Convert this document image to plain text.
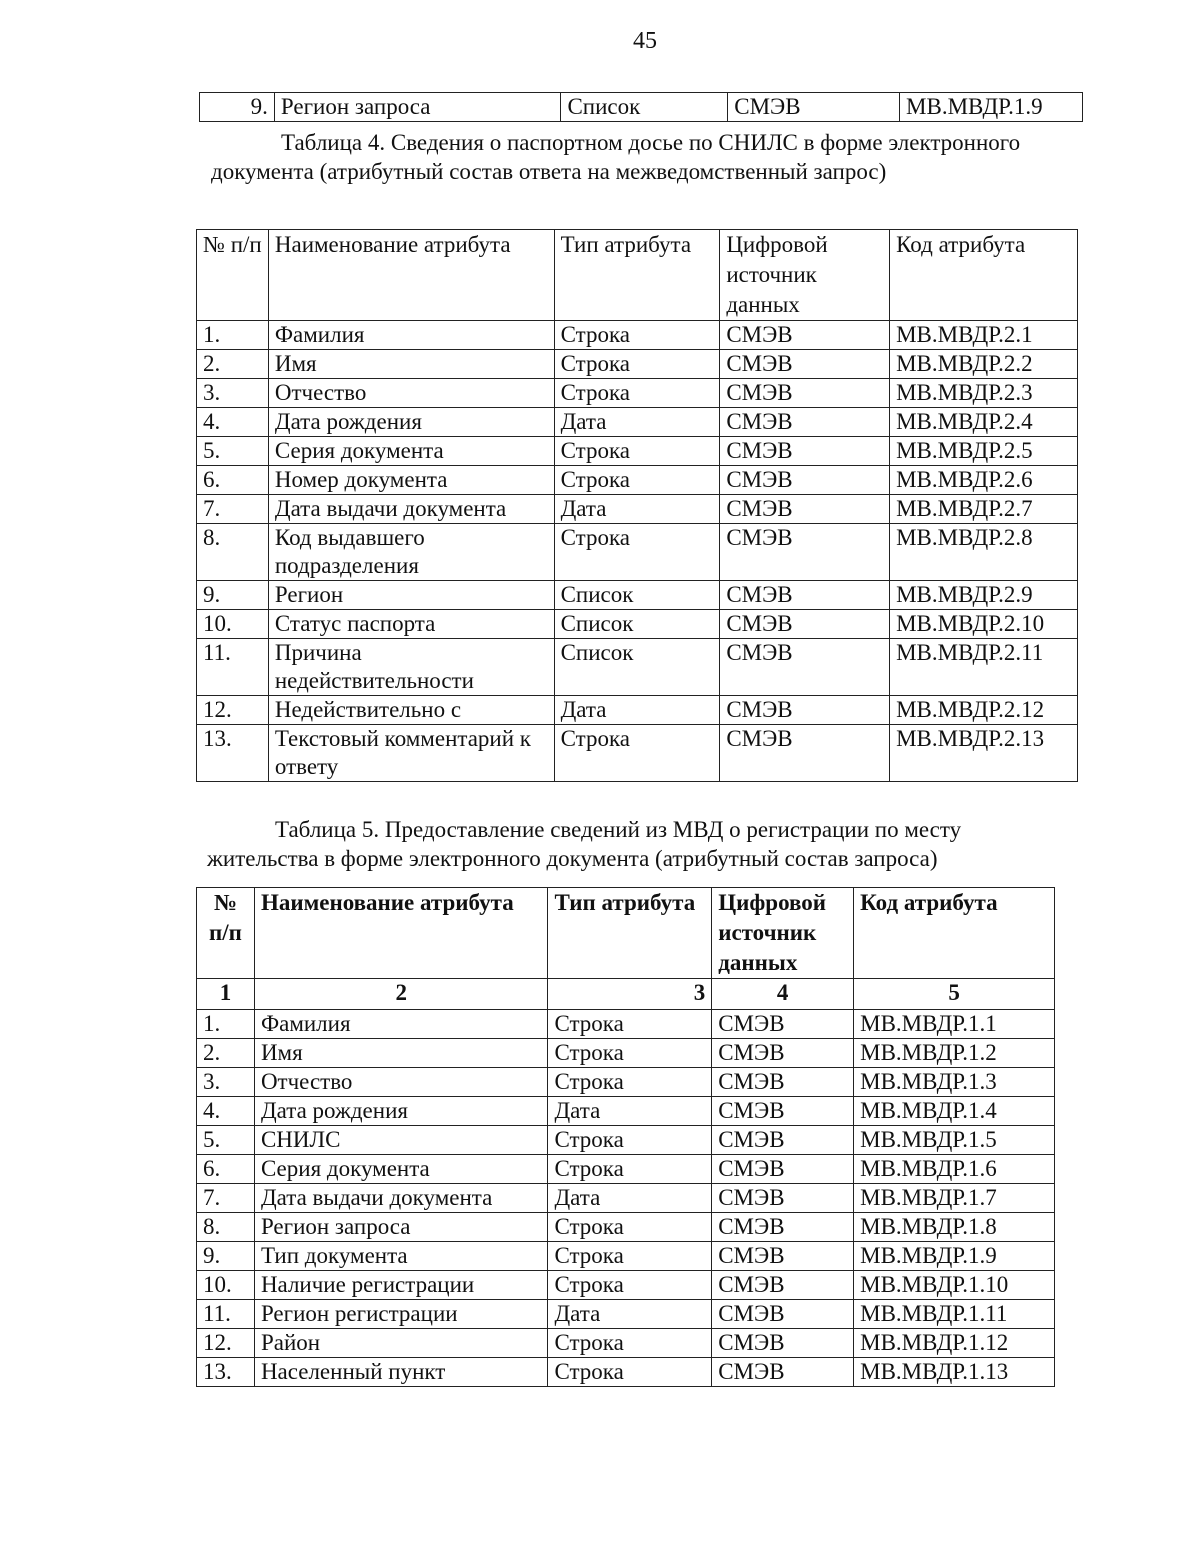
45
9.	Регион запроса	Список	СМЭВ	МВ.МВДР.1.9
Таблица 4. Сведения о паспортном досье по СНИЛС в форме электронного документа (атрибутный состав ответа на межведомственный запрос)
№ п/п	Наименование атрибута	Тип атрибута	Цифровой источник данных	Код атрибута
1.	Фамилия	Строка	СМЭВ	МВ.МВДР.2.1
2.	Имя	Строка	СМЭВ	МВ.МВДР.2.2
3.	Отчество	Строка	СМЭВ	МВ.МВДР.2.3
4.	Дата рождения	Дата	СМЭВ	МВ.МВДР.2.4
5.	Серия документа	Строка	СМЭВ	МВ.МВДР.2.5
6.	Номер документа	Строка	СМЭВ	МВ.МВДР.2.6
7.	Дата выдачи документа	Дата	СМЭВ	МВ.МВДР.2.7
8.	Код выдавшего подразделения	Строка	СМЭВ	МВ.МВДР.2.8
9.	Регион	Список	СМЭВ	МВ.МВДР.2.9
10.	Статус паспорта	Список	СМЭВ	МВ.МВДР.2.10
11.	Причина недействительности	Список	СМЭВ	МВ.МВДР.2.11
12.	Недействительно с	Дата	СМЭВ	МВ.МВДР.2.12
13.	Текстовый комментарий к ответу	Строка	СМЭВ	МВ.МВДР.2.13
Таблица 5. Предоставление сведений из МВД о регистрации по месту жительства в форме электронного документа (атрибутный состав запроса)
№ п/п	Наименование атрибута	Тип атрибута	Цифровой источник данных	Код атрибута
1	2	3	4	5
1.	Фамилия	Строка	СМЭВ	МВ.МВДР.1.1
2.	Имя	Строка	СМЭВ	МВ.МВДР.1.2
3.	Отчество	Строка	СМЭВ	МВ.МВДР.1.3
4.	Дата рождения	Дата	СМЭВ	МВ.МВДР.1.4
5.	СНИЛС	Строка	СМЭВ	МВ.МВДР.1.5
6.	Серия документа	Строка	СМЭВ	МВ.МВДР.1.6
7.	Дата выдачи документа	Дата	СМЭВ	МВ.МВДР.1.7
8.	Регион запроса	Строка	СМЭВ	МВ.МВДР.1.8
9.	Тип документа	Строка	СМЭВ	МВ.МВДР.1.9
10.	Наличие регистрации	Строка	СМЭВ	МВ.МВДР.1.10
11.	Регион регистрации	Дата	СМЭВ	МВ.МВДР.1.11
12.	Район	Строка	СМЭВ	МВ.МВДР.1.12
13.	Населенный пункт	Строка	СМЭВ	МВ.МВДР.1.13
